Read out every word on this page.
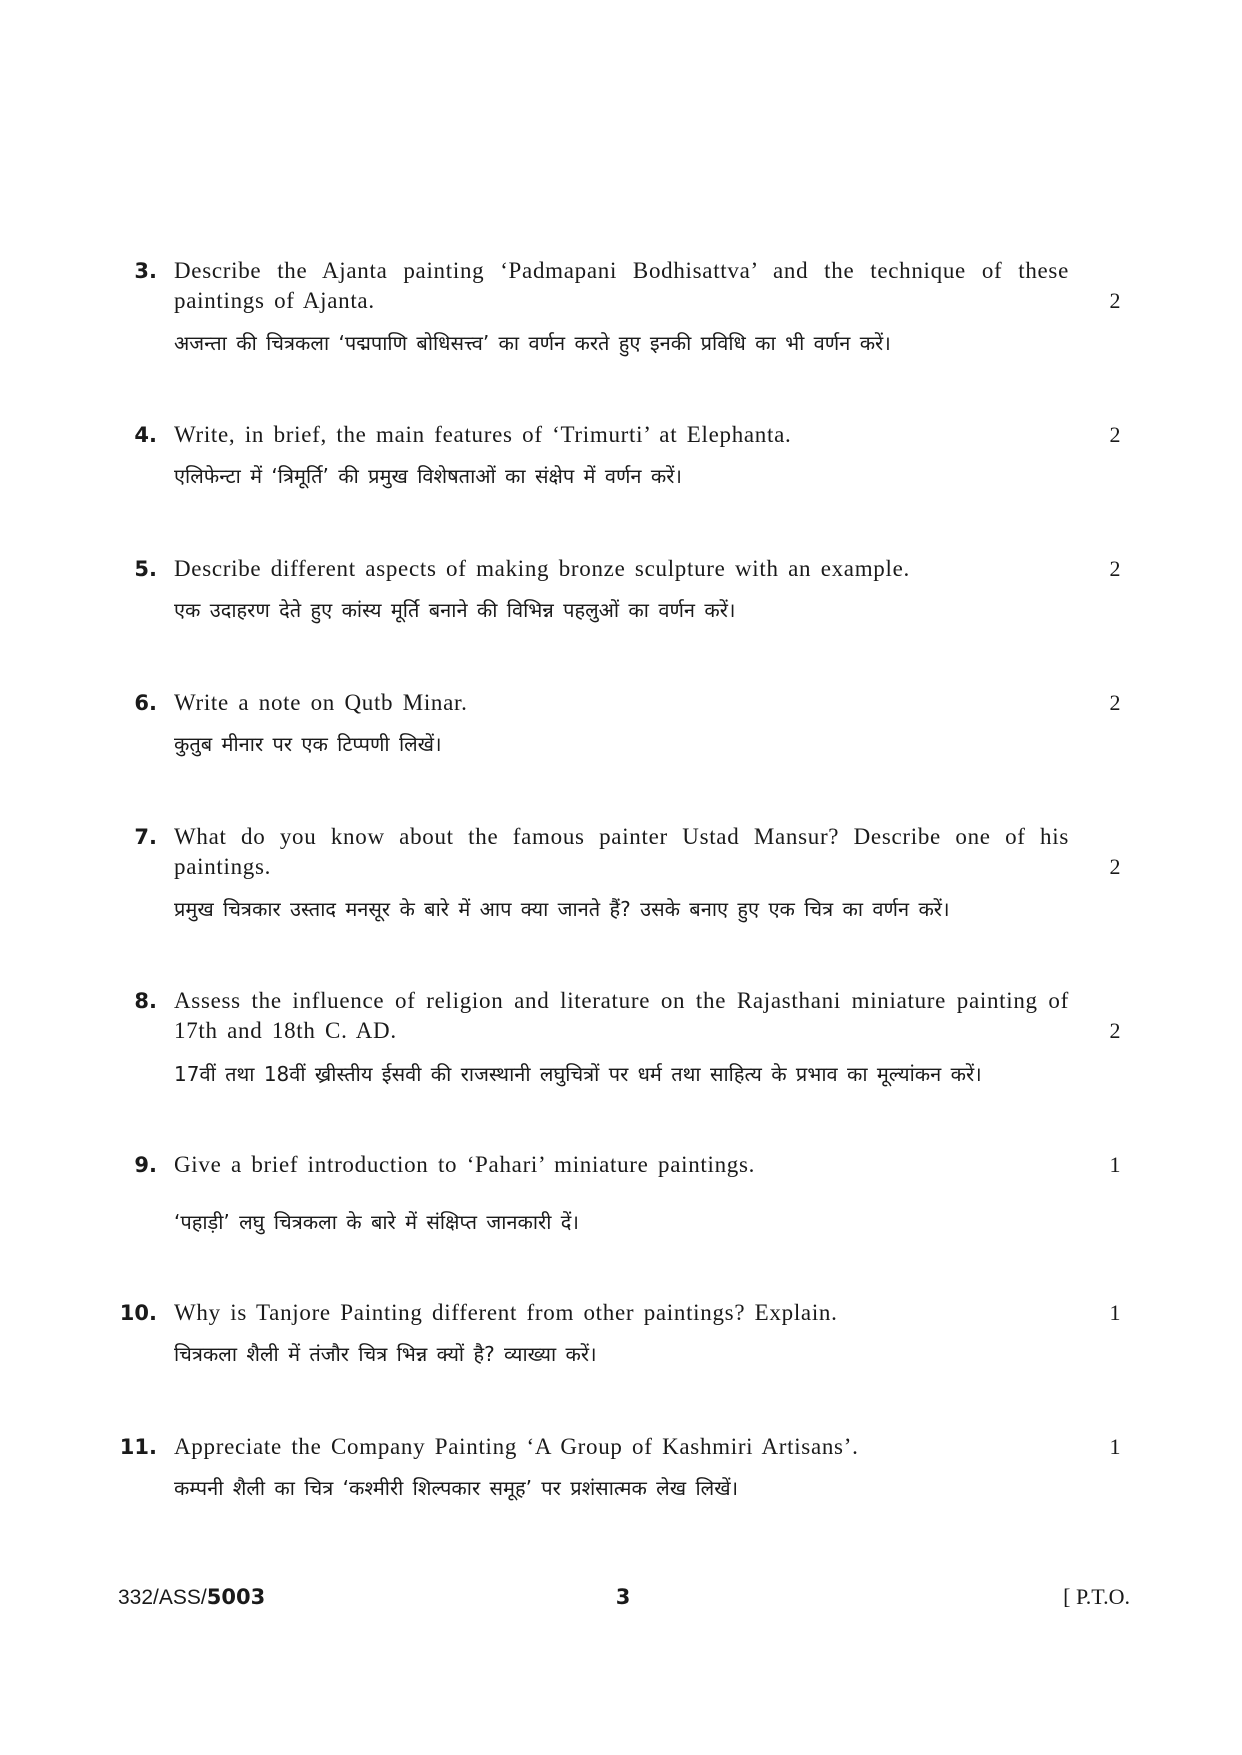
3. Describe the Ajanta painting ‘Padmapani Bodhisattva’ and the technique of these paintings of Ajanta.	2
अजन्ता की चित्रकला ‘पद्मपाणि बोधिसत्त्व’ का वर्णन करते हुए इनकी प्रविधि का भी वर्णन करें।
4. Write, in brief, the main features of ‘Trimurti’ at Elephanta.	2
एलिफेन्टा में ‘त्रिमूर्ति’ की प्रमुख विशेषताओं का संक्षेप में वर्णन करें।
5. Describe different aspects of making bronze sculpture with an example.	2
एक उदाहरण देते हुए कांस्य मूर्ति बनाने की विभिन्न पहलुओं का वर्णन करें।
6. Write a note on Qutb Minar.	2
कुतुब मीनार पर एक टिप्पणी लिखें।
7. What do you know about the famous painter Ustad Mansur? Describe one of his paintings.	2
प्रमुख चित्रकार उस्ताद मनसूर के बारे में आप क्या जानते हैं? उसके बनाए हुए एक चित्र का वर्णन करें।
8. Assess the influence of religion and literature on the Rajasthani miniature painting of 17th and 18th C. AD.	2
17वीं तथा 18वीं ख्रीस्तीय ईसवी की राजस्थानी लघुचित्रों पर धर्म तथा साहित्य के प्रभाव का मूल्यांकन करें।
9. Give a brief introduction to ‘Pahari’ miniature paintings.	1
‘पहाड़ी’ लघु चित्रकला के बारे में संक्षिप्त जानकारी दें।
10. Why is Tanjore Painting different from other paintings? Explain.	1
चित्रकला शैली में तंजौर चित्र भिन्न क्यों है? व्याख्या करें।
11. Appreciate the Company Painting ‘A Group of Kashmiri Artisans’.	1
कम्पनी शैली का चित्र ‘कश्मीरी शिल्पकार समूह’ पर प्रशंसात्मक लेख लिखें।
332/ASS/5003	3	[ P.T.O.
